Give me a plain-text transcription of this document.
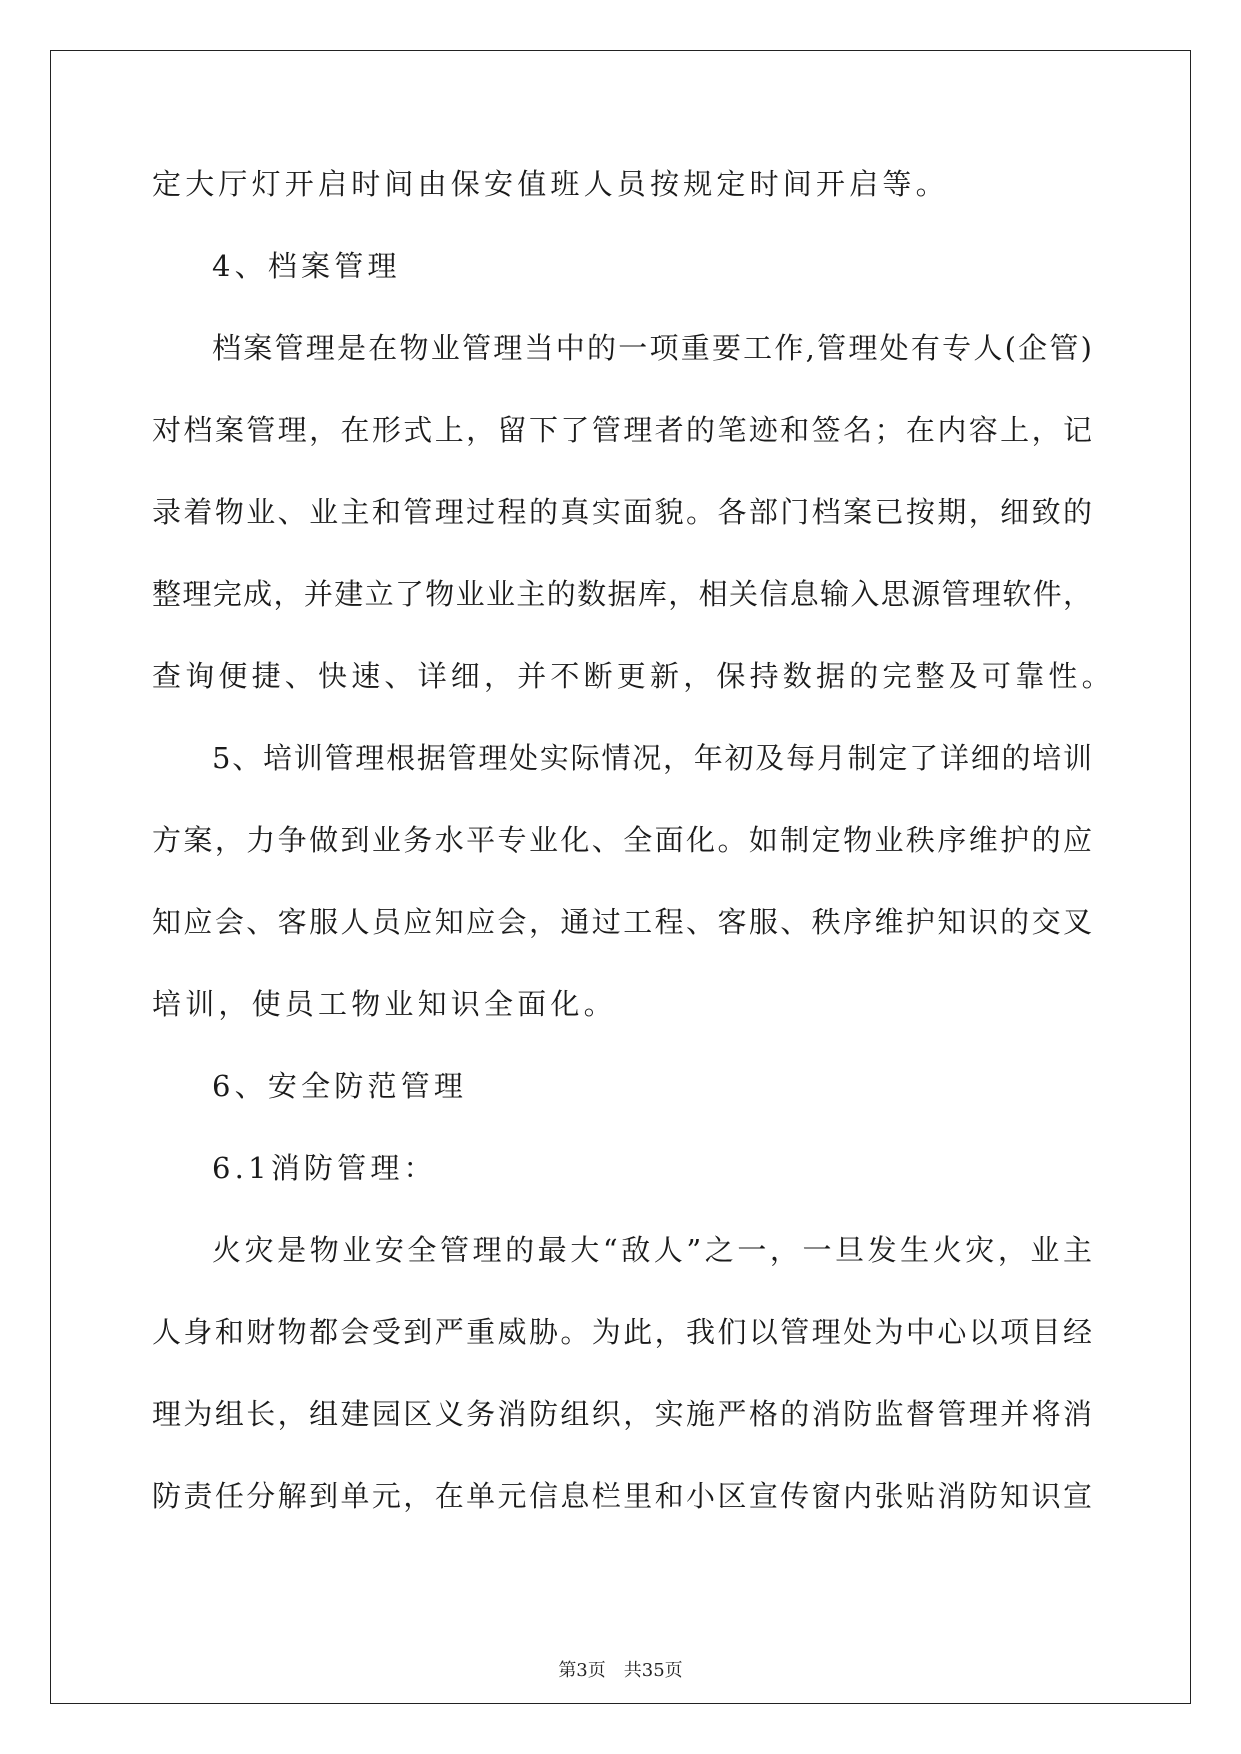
定大厅灯开启时间由保安值班人员按规定时间开启等。
4、档案管理
档案管理是在物业管理当中的一项重要工作,管理处有专人(企管)
对档案管理，在形式上，留下了管理者的笔迹和签名；在内容上，记
录着物业、业主和管理过程的真实面貌。各部门档案已按期，细致的
整理完成，并建立了物业业主的数据库，相关信息输入思源管理软件，
查询便捷、快速、详细，并不断更新，保持数据的完整及可靠性。
5、培训管理根据管理处实际情况，年初及每月制定了详细的培训
方案，力争做到业务水平专业化、全面化。如制定物业秩序维护的应
知应会、客服人员应知应会，通过工程、客服、秩序维护知识的交叉
培训，使员工物业知识全面化。
6、安全防范管理
6.1消防管理：
火灾是物业安全管理的最大“敌人”之一，一旦发生火灾，业主
人身和财物都会受到严重威胁。为此，我们以管理处为中心以项目经
理为组长，组建园区义务消防组织，实施严格的消防监督管理并将消
防责任分解到单元，在单元信息栏里和小区宣传窗内张贴消防知识宣
第3页 共35页
